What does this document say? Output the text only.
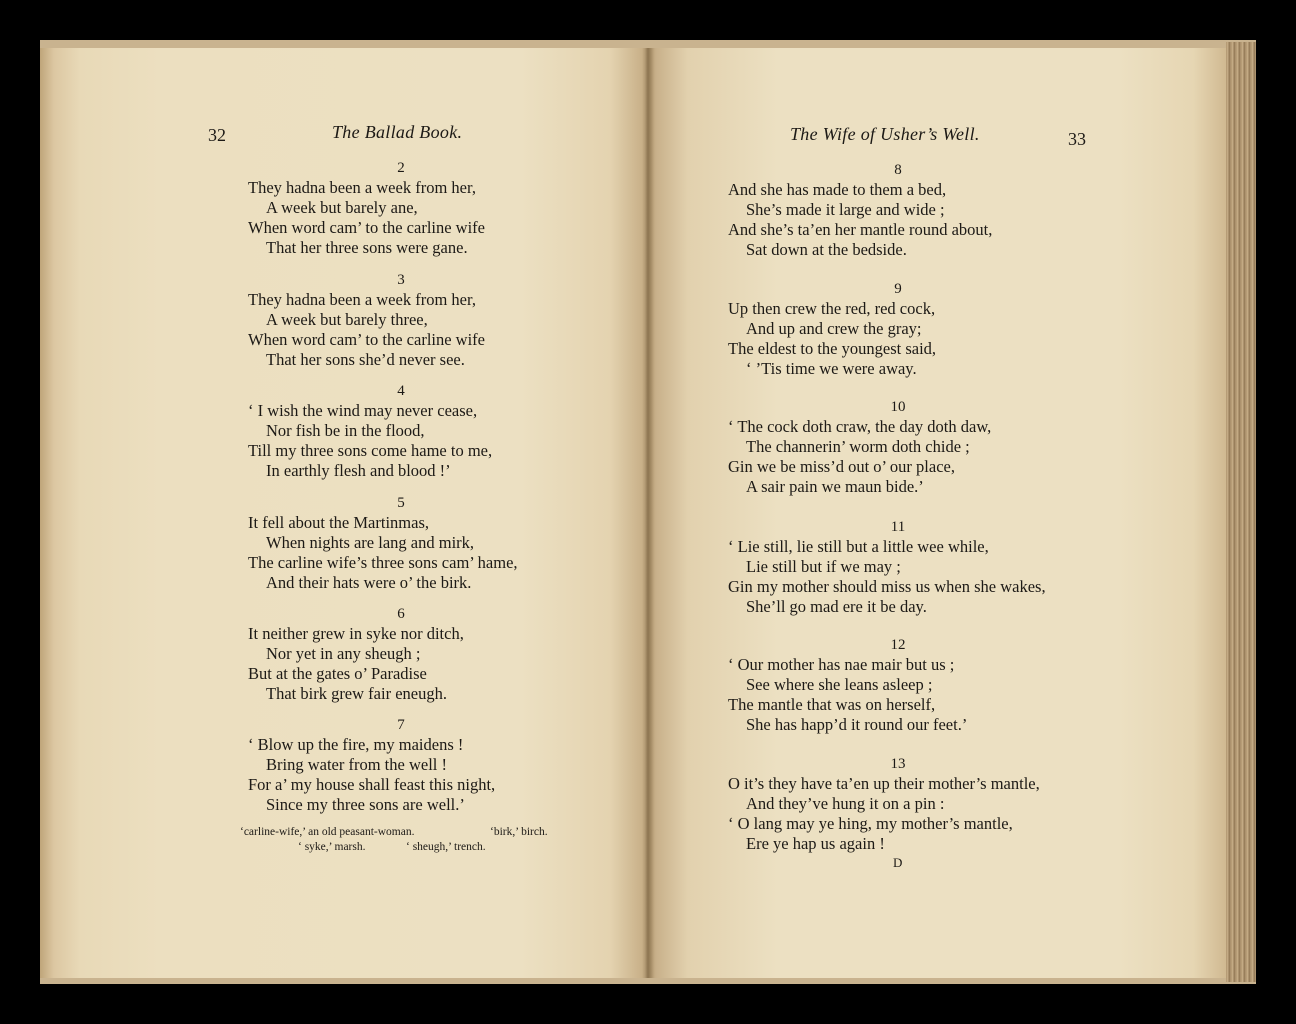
32	The Ballad Book.	The Wife of Usher’s Well.	33
2
They hadna been a week from her,
A week but barely ane,
When word cam’ to the carline wife
That her three sons were gane.
3
They hadna been a week from her,
A week but barely three,
When word cam’ to the carline wife
That her sons she’d never see.
4
‘ I wish the wind may never cease,
Nor fish be in the flood,
Till my three sons come hame to me,
In earthly flesh and blood !’
5
It fell about the Martinmas,
When nights are lang and mirk,
The carline wife’s three sons cam’ hame,
And their hats were o’ the birk.
6
It neither grew in syke nor ditch,
Nor yet in any sheugh ;
But at the gates o’ Paradise
That birk grew fair eneugh.
7
‘ Blow up the fire, my maidens !
Bring water from the well !
For a’ my house shall feast this night,
Since my three sons are well.’
‘carline-wife,’ an old peasant-woman.	‘birk,’ birch.
‘ syke,’ marsh.	‘ sheugh,’ trench.
8
And she has made to them a bed,
She’s made it large and wide ;
And she’s ta’en her mantle round about,
Sat down at the bedside.
9
Up then crew the red, red cock,
And up and crew the gray;
The eldest to the youngest said,
‘ ’Tis time we were away.
10
‘ The cock doth craw, the day doth daw,
The channerin’ worm doth chide ;
Gin we be miss’d out o’ our place,
A sair pain we maun bide.’
11
‘ Lie still, lie still but a little wee while,
Lie still but if we may ;
Gin my mother should miss us when she wakes,
She’ll go mad ere it be day.
12
‘ Our mother has nae mair but us ;
See where she leans asleep ;
The mantle that was on herself,
She has happ’d it round our feet.’
13
O it’s they have ta’en up their mother’s mantle,
And they’ve hung it on a pin :
‘ O lang may ye hing, my mother’s mantle,
Ere ye hap us again !
D
